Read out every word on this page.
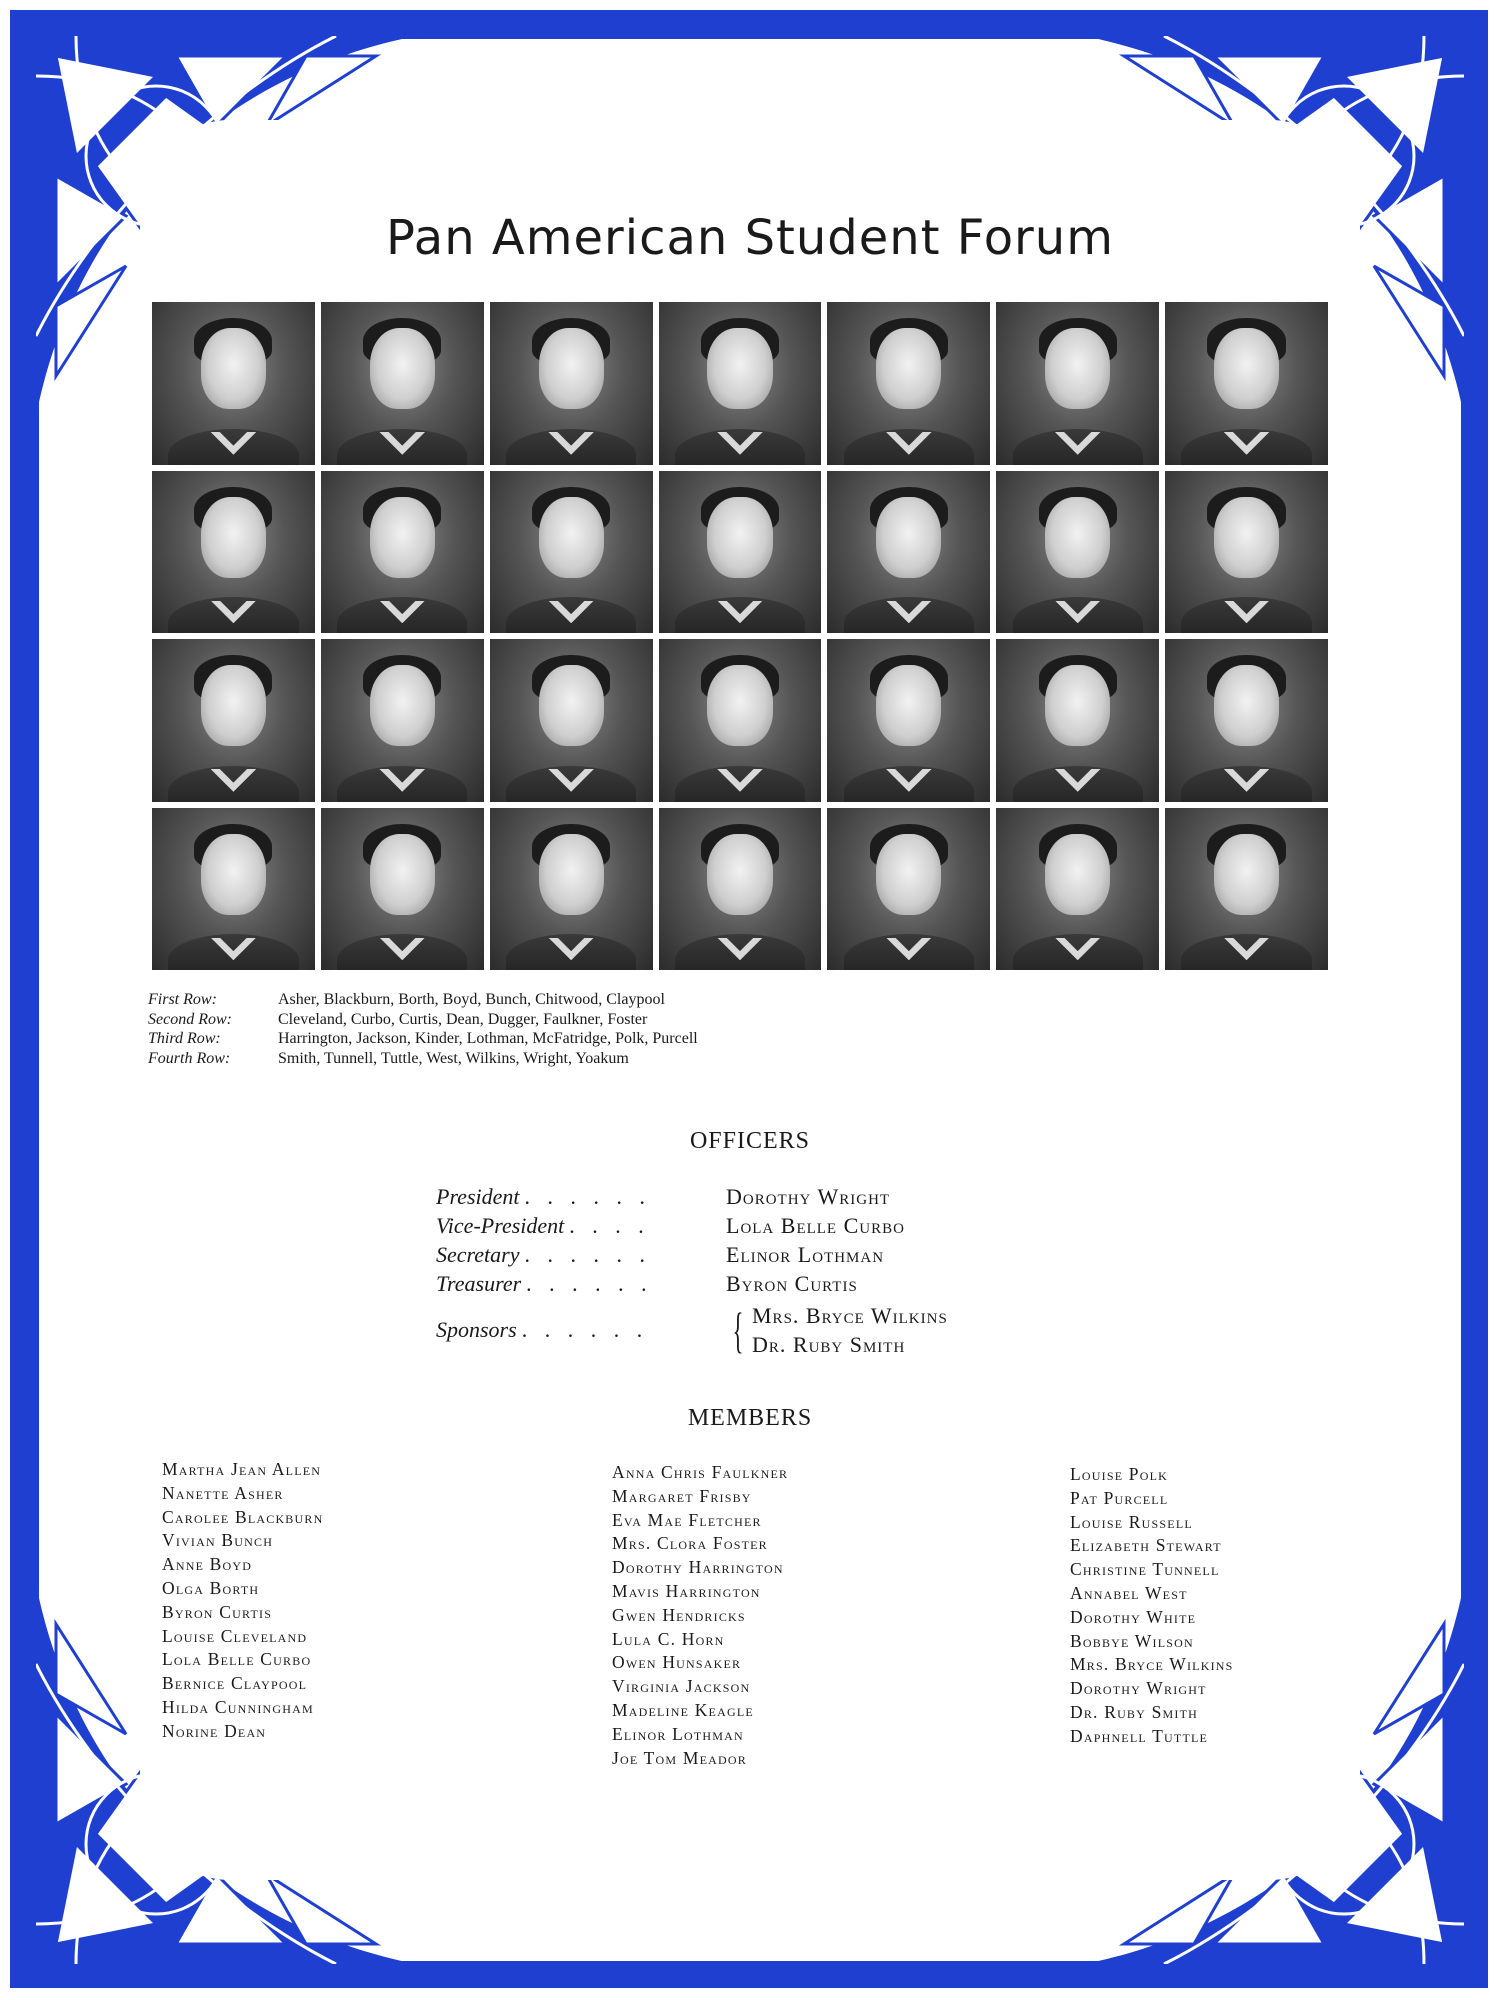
Pan American Student Forum
First Row:	Asher, Blackburn, Borth, Boyd, Bunch, Chitwood, Claypool
Second Row:	Cleveland, Curbo, Curtis, Dean, Dugger, Faulkner, Foster
Third Row:	Harrington, Jackson, Kinder, Lothman, McFatridge, Polk, Purcell
Fourth Row:	Smith, Tunnell, Tuttle, West, Wilkins, Wright, Yoakum
OFFICERS
President . . . . . .	Dorothy Wright
Vice-President . . . .	Lola Belle Curbo
Secretary . . . . . .	Elinor Lothman
Treasurer . . . . . .	Byron Curtis
Sponsors . . . . . .	{ Mrs. Bryce Wilkins
Dr. Ruby Smith
MEMBERS
Martha Jean Allen
Nanette Asher
Carolee Blackburn
Vivian Bunch
Anne Boyd
Olga Borth
Byron Curtis
Louise Cleveland
Lola Belle Curbo
Bernice Claypool
Hilda Cunningham
Norine Dean
Anna Chris Faulkner
Margaret Frisby
Eva Mae Fletcher
Mrs. Clora Foster
Dorothy Harrington
Mavis Harrington
Gwen Hendricks
Lula C. Horn
Owen Hunsaker
Virginia Jackson
Madeline Keagle
Elinor Lothman
Joe Tom Meador
Louise Polk
Pat Purcell
Louise Russell
Elizabeth Stewart
Christine Tunnell
Annabel West
Dorothy White
Bobbye Wilson
Mrs. Bryce Wilkins
Dorothy Wright
Dr. Ruby Smith
Daphnell Tuttle
